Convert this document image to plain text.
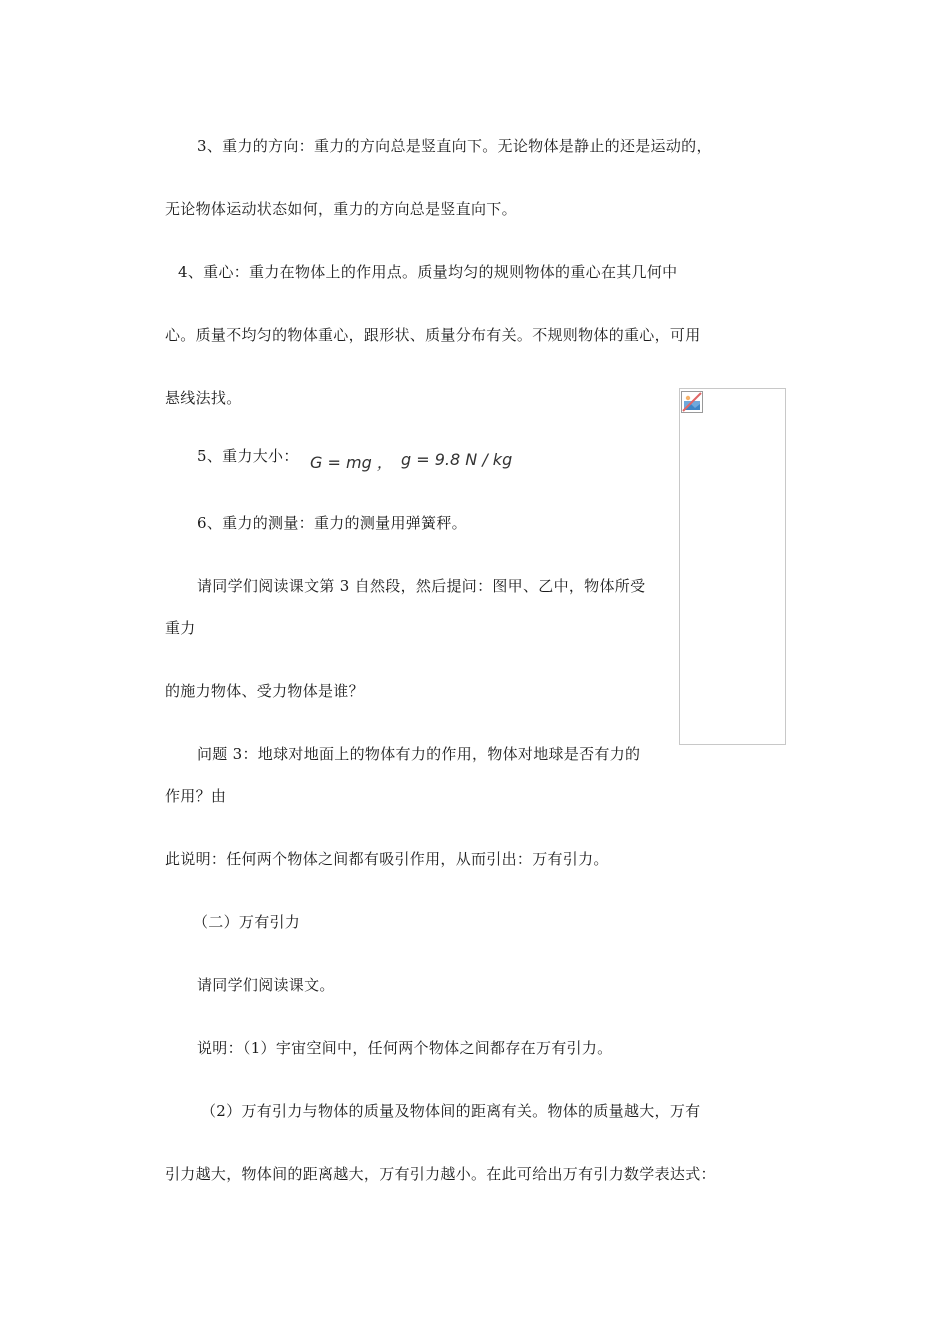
3、重力的方向：重力的方向总是竖直向下。无论物体是静止的还是运动的，
无论物体运动状态如何，重力的方向总是竖直向下。
4、重心：重力在物体上的作用点。质量均匀的规则物体的重心在其几何中
心。质量不均匀的物体重心，跟形状、质量分布有关。不规则物体的重心，可用
悬线法找。
5、重力大小： G = mg ， g = 9.8 N / kg
6、重力的测量：重力的测量用弹簧秤。
请同学们阅读课文第 3 自然段，然后提问：图甲、乙中，物体所受
重力
的施力物体、受力物体是谁？
问题 3：地球对地面上的物体有力的作用，物体对地球是否有力的
作用？由
此说明：任何两个物体之间都有吸引作用，从而引出：万有引力。
（二）万有引力
请同学们阅读课文。
说明：（1）宇宙空间中，任何两个物体之间都存在万有引力。
（2）万有引力与物体的质量及物体间的距离有关。物体的质量越大，万有
引力越大，物体间的距离越大，万有引力越小。在此可给出万有引力数学表达式：
